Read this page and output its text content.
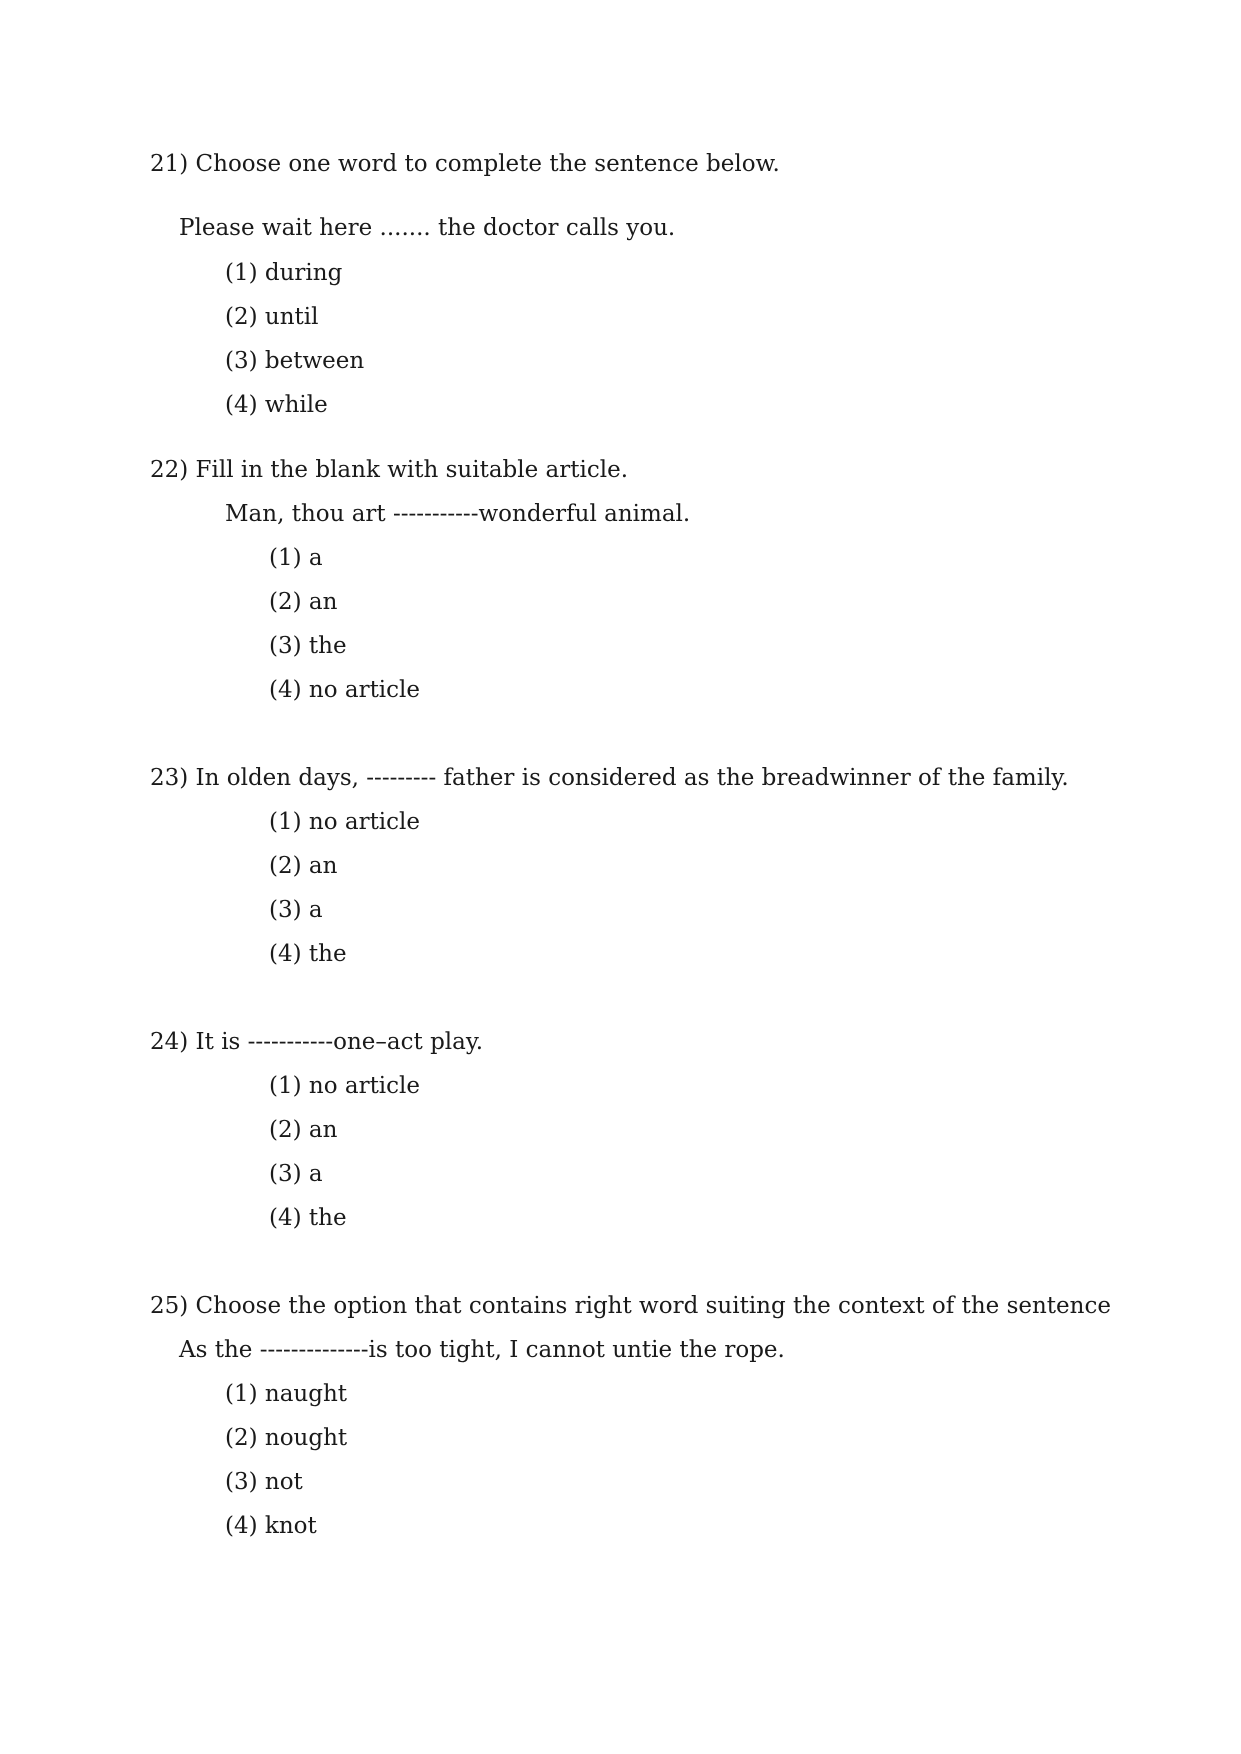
21) Choose one word to complete the sentence below.
Please wait here ....... the doctor calls you.
(1) during
(2) until
(3) between
(4) while
22) Fill in the blank with suitable article.
Man, thou art -----------wonderful animal.
(1) a
(2) an
(3) the
(4) no article
23) In olden days, --------- father is considered as the breadwinner of the family.
(1) no article
(2) an
(3) a
(4) the
24) It is -----------one–act play.
(1) no article
(2) an
(3) a
(4) the
25) Choose the option that contains right word suiting the context of the sentence
As the --------------is too tight, I cannot untie the rope.
(1) naught
(2) nought
(3) not
(4) knot
